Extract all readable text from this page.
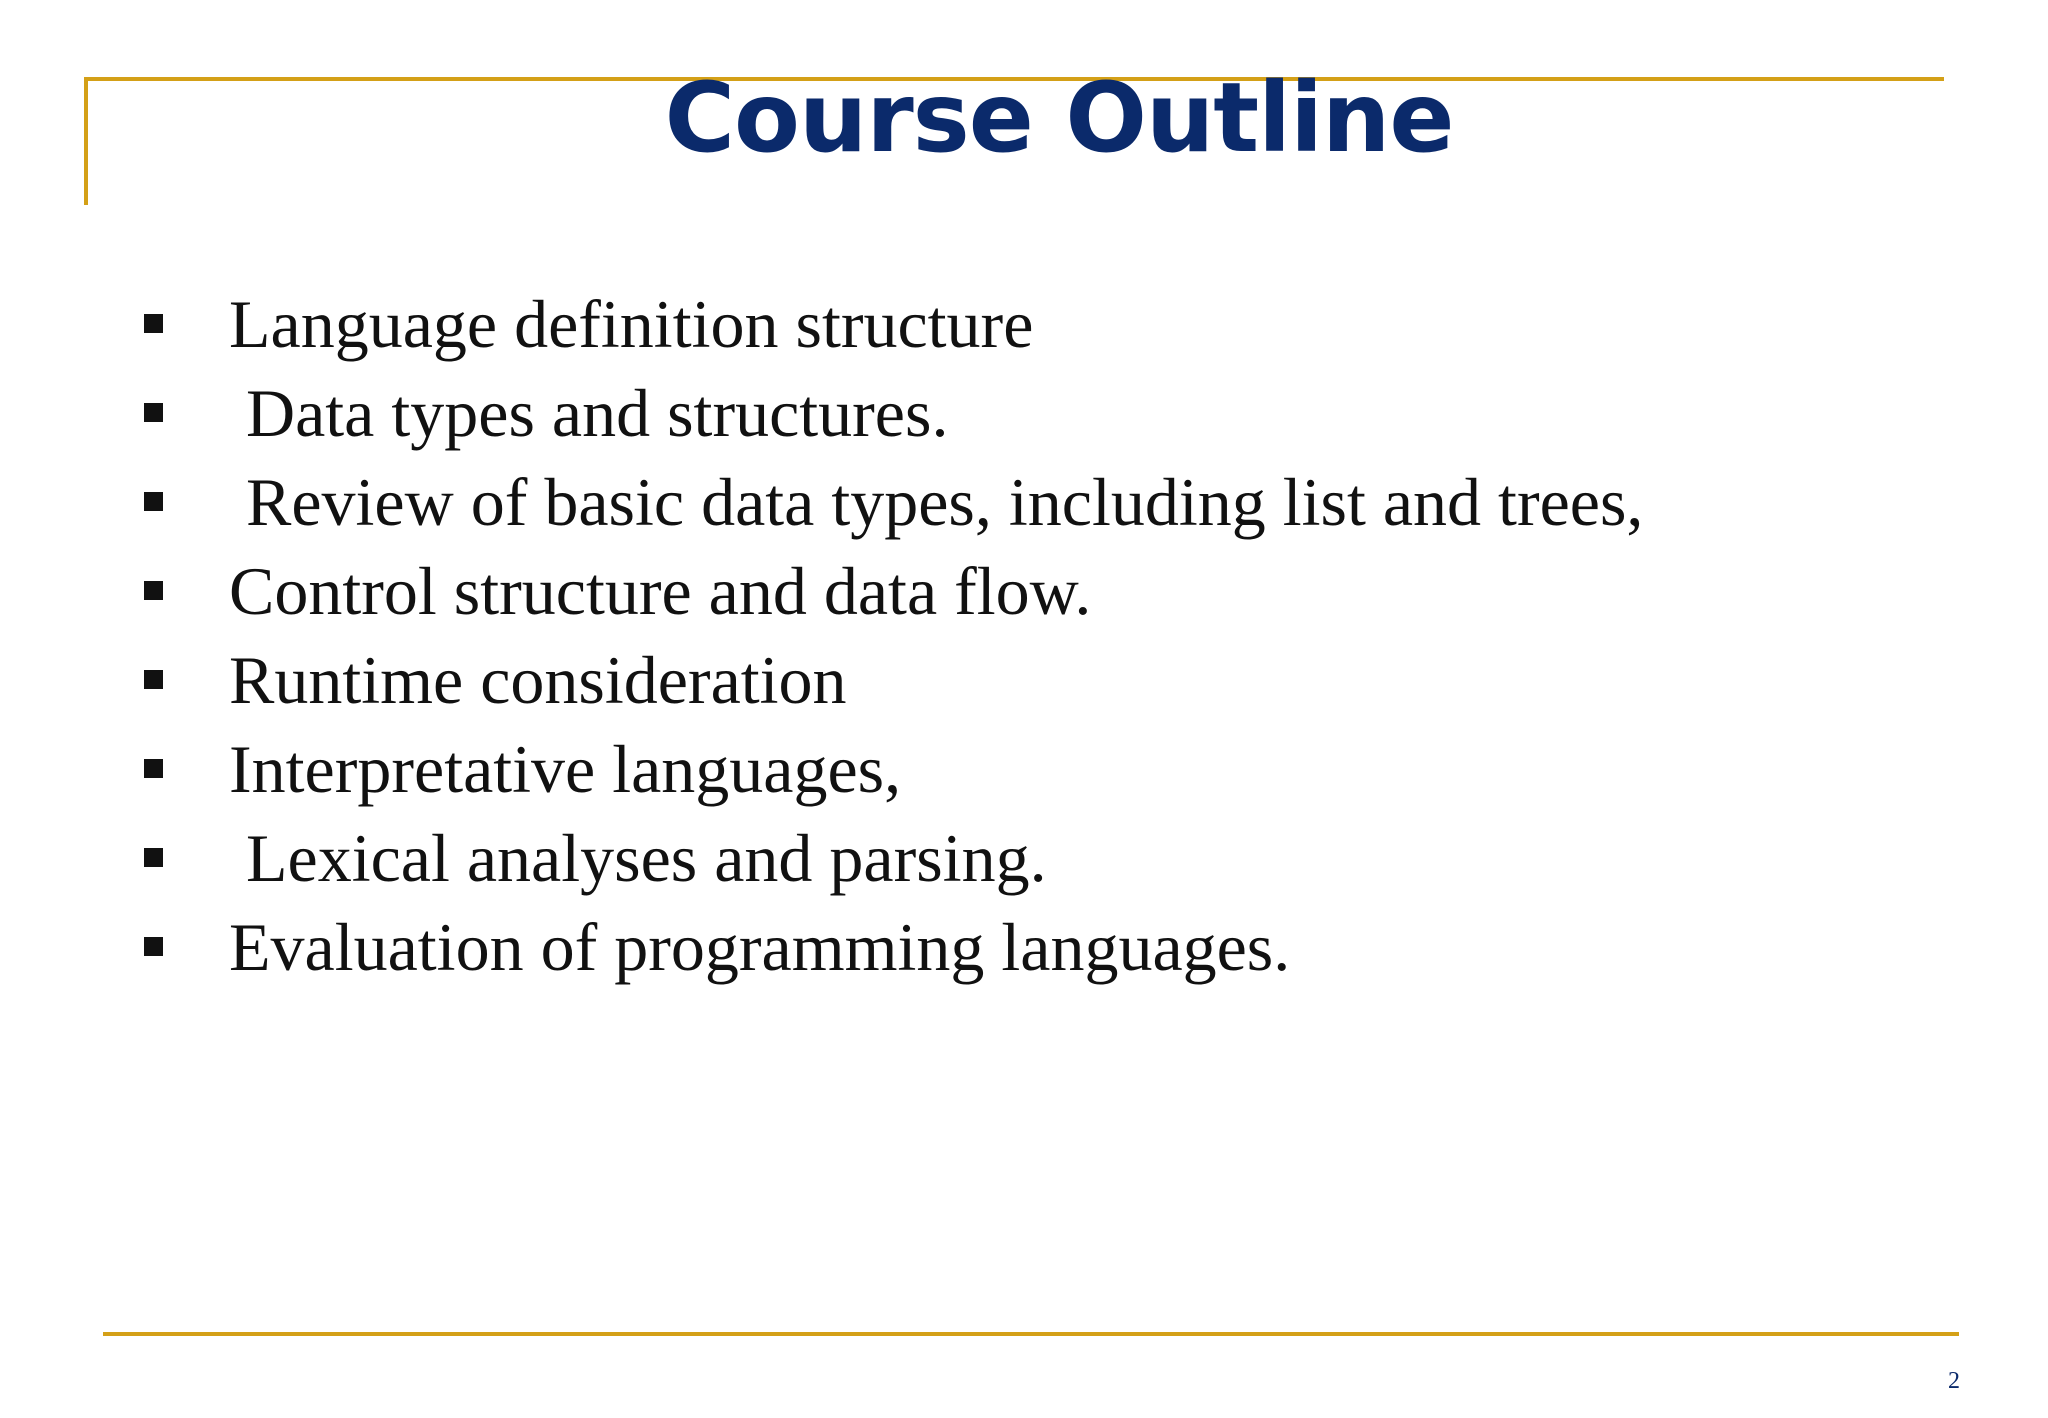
Course Outline

Language definition structure

Data types and structures.

Review of basic data types, including list and trees,

Control structure and data flow.

Runtime consideration

Interpretative languages,

Lexical analyses and parsing.

Evaluation of programming languages.

2
